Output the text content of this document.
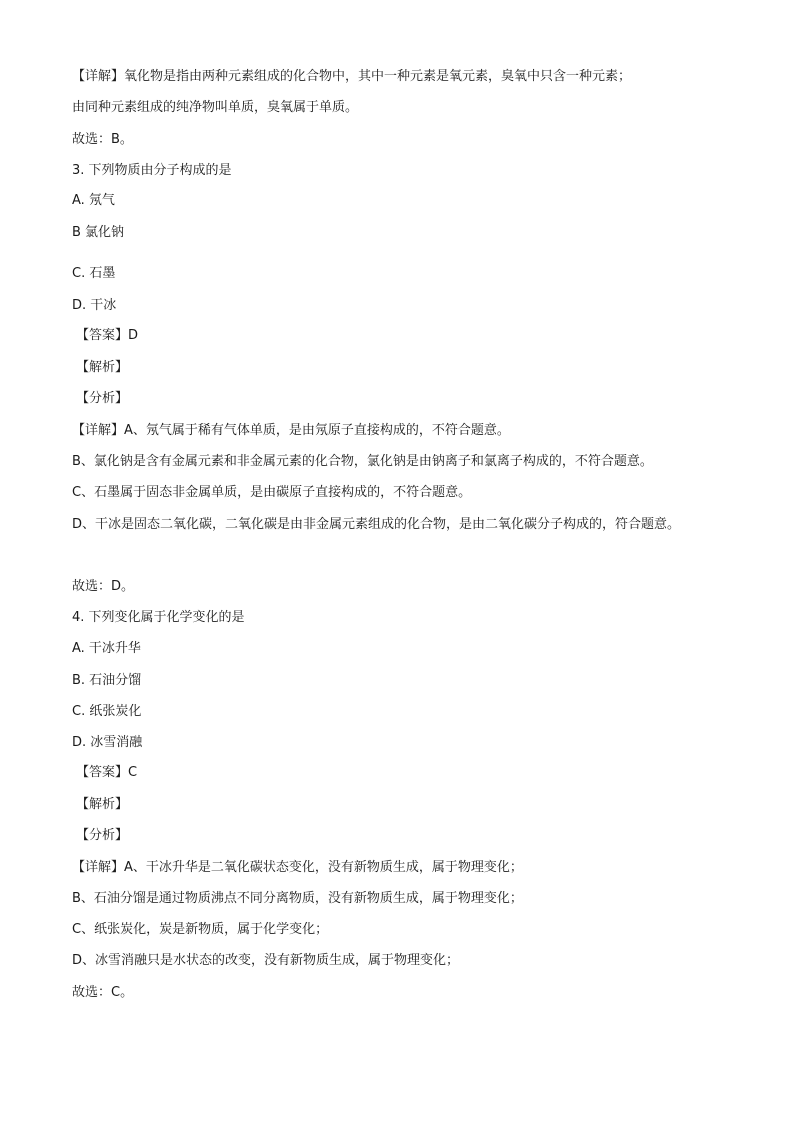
【详解】氧化物是指由两种元素组成的化合物中，其中一种元素是氧元素，臭氧中只含一种元素；
由同种元素组成的纯净物叫单质，臭氧属于单质。
故选：B。
3. 下列物质由分子构成的是
A. 氖气
B 氯化钠
C. 石墨
D. 干冰
【答案】D
【解析】
【分析】
【详解】A、氖气属于稀有气体单质，是由氖原子直接构成的，不符合题意。
B、氯化钠是含有金属元素和非金属元素的化合物，氯化钠是由钠离子和氯离子构成的，不符合题意。
C、石墨属于固态非金属单质，是由碳原子直接构成的，不符合题意。
D、干冰是固态二氧化碳，二氧化碳是由非金属元素组成的化合物，是由二氧化碳分子构成的，符合题意。
故选：D。
4. 下列变化属于化学变化的是
A. 干冰升华
B. 石油分馏
C. 纸张炭化
D. 冰雪消融
【答案】C
【解析】
【分析】
【详解】A、干冰升华是二氧化碳状态变化，没有新物质生成，属于物理变化；
B、石油分馏是通过物质沸点不同分离物质，没有新物质生成，属于物理变化；
C、纸张炭化，炭是新物质，属于化学变化；
D、冰雪消融只是水状态的改变，没有新物质生成，属于物理变化；
故选：C。
